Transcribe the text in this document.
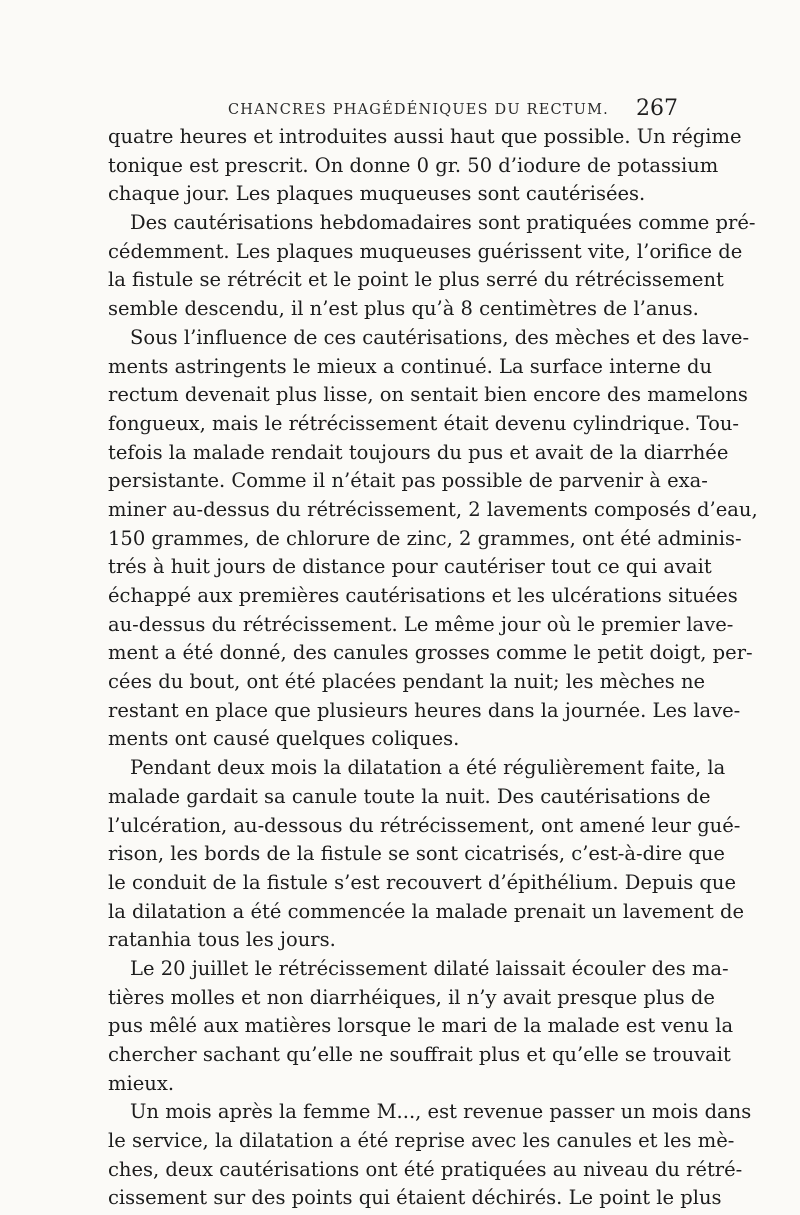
CHANCRES PHAGÉDÉNIQUES DU RECTUM. 267
quatre heures et introduites aussi haut que possible. Un régime
tonique est prescrit. On donne 0 gr. 50 d’iodure de potassium
chaque jour. Les plaques muqueuses sont cautérisées.
Des cautérisations hebdomadaires sont pratiquées comme pré-
cédemment. Les plaques muqueuses guérissent vite, l’orifice de
la fistule se rétrécit et le point le plus serré du rétrécissement
semble descendu, il n’est plus qu’à 8 centimètres de l’anus.
Sous l’influence de ces cautérisations, des mèches et des lave-
ments astringents le mieux a continué. La surface interne du
rectum devenait plus lisse, on sentait bien encore des mamelons
fongueux, mais le rétrécissement était devenu cylindrique. Tou-
tefois la malade rendait toujours du pus et avait de la diarrhée
persistante. Comme il n’était pas possible de parvenir à exa-
miner au-dessus du rétrécissement, 2 lavements composés d’eau,
150 grammes, de chlorure de zinc, 2 grammes, ont été adminis-
trés à huit jours de distance pour cautériser tout ce qui avait
échappé aux premières cautérisations et les ulcérations situées
au-dessus du rétrécissement. Le même jour où le premier lave-
ment a été donné, des canules grosses comme le petit doigt, per-
cées du bout, ont été placées pendant la nuit; les mèches ne
restant en place que plusieurs heures dans la journée. Les lave-
ments ont causé quelques coliques.
Pendant deux mois la dilatation a été régulièrement faite, la
malade gardait sa canule toute la nuit. Des cautérisations de
l’ulcération, au-dessous du rétrécissement, ont amené leur gué-
rison, les bords de la fistule se sont cicatrisés, c’est-à-dire que
le conduit de la fistule s’est recouvert d’épithélium. Depuis que
la dilatation a été commencée la malade prenait un lavement de
ratanhia tous les jours.
Le 20 juillet le rétrécissement dilaté laissait écouler des ma-
tières molles et non diarrhéiques, il n’y avait presque plus de
pus mêlé aux matières lorsque le mari de la malade est venu la
chercher sachant qu’elle ne souffrait plus et qu’elle se trouvait
mieux.
Un mois après la femme M..., est revenue passer un mois dans
le service, la dilatation a été reprise avec les canules et les mè-
ches, deux cautérisations ont été pratiquées au niveau du rétré-
cissement sur des points qui étaient déchirés. Le point le plus
